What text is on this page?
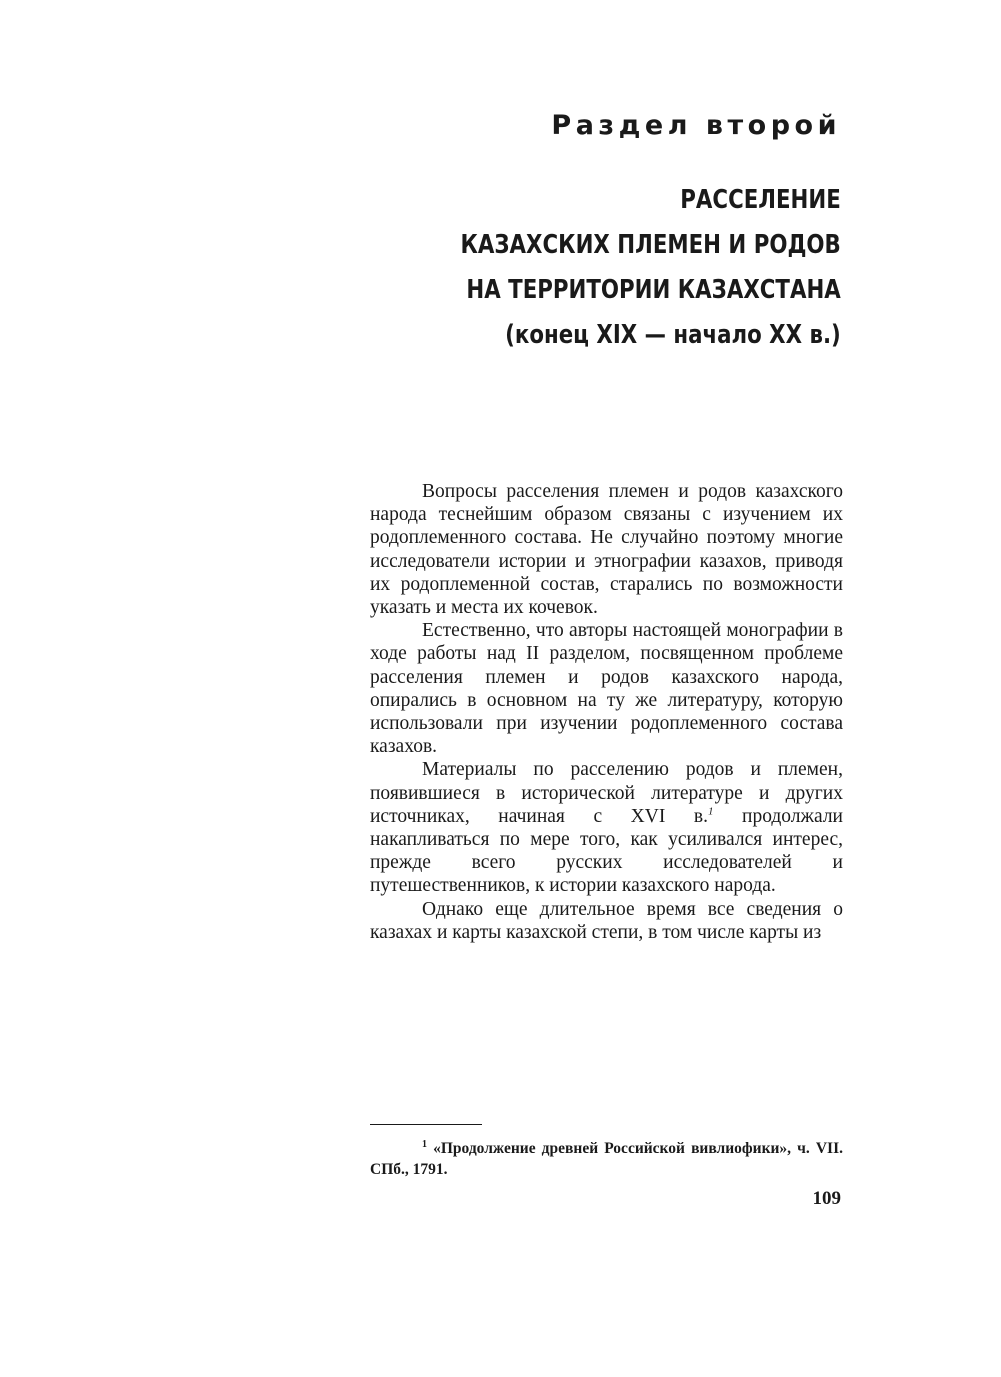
Раздел второй
РАССЕЛЕНИЕ
КАЗАХСКИХ ПЛЕМЕН И РОДОВ
НА ТЕРРИТОРИИ КАЗАХСТАНА
(конец XIX — начало XX в.)

Вопросы расселения племен и родов казахского народа теснейшим образом связаны с изучением их родоплеменного состава. Не случайно поэтому многие исследователи истории и этнографии казахов, приводя их родоплеменной состав, старались по возможности указать и места их кочевок.

Естественно, что авторы настоящей монографии в ходе работы над II разделом, посвященном проблеме расселения племен и родов казахского народа, опирались в основном на ту же литературу, которую использовали при изучении родоплеменного состава казахов.

Материалы по расселению родов и племен, появившиеся в исторической литературе и других источниках, начиная с XVI в.$^1$ продолжали накапливаться по мере того, как усиливался интерес, прежде всего русских исследователей и путешественников, к истории казахского народа.

Однако еще длительное время все сведения о казахах и карты казахской степи, в том числе карты из

$^1$ «Продолжение древней Российской вивлиофики», ч. VII. СПб., 1791.

109
